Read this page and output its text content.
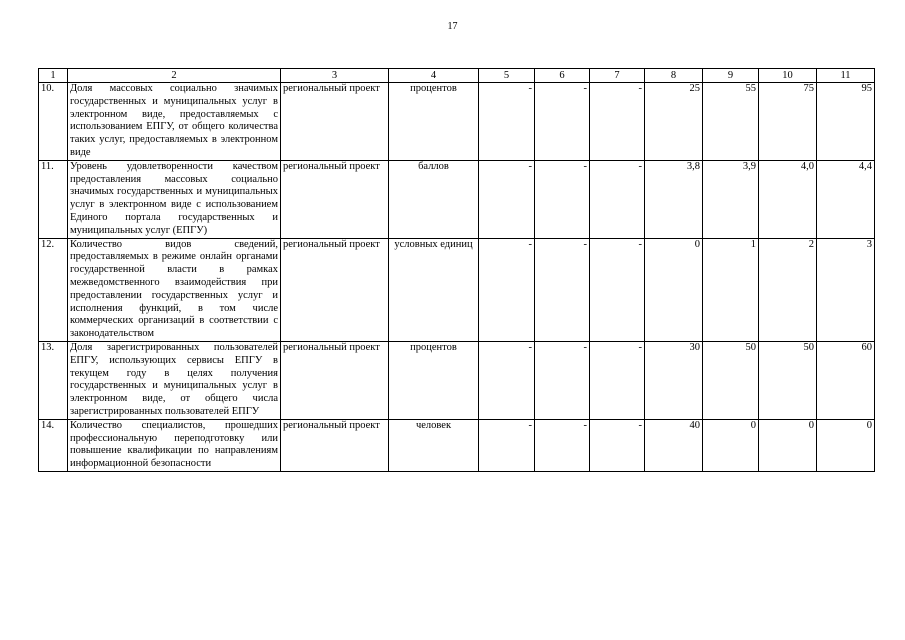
17
1	2	3	4	5	6	7	8	9	10	11
10.	Доля массовых социально значимых государственных и муниципальных услуг в электронном виде, предоставляемых с использованием ЕПГУ, от общего количества таких услуг, предоставляемых в электронном виде	региональный проект	процентов	-	-	-	25	55	75	95
11.	Уровень удовлетворенности качеством предоставления массовых социально значимых государственных и муниципальных услуг в электронном виде с использованием Единого портала государственных и муниципальных услуг (ЕПГУ)	региональный проект	баллов	-	-	-	3,8	3,9	4,0	4,4
12.	Количество видов сведений, предоставляемых в режиме онлайн органами государственной власти в рамках межведомственного взаимодействия при предоставлении государственных услуг и исполнения функций, в том числе коммерческих организаций в соответствии с законодательством	региональный проект	условных единиц	-	-	-	0	1	2	3
13.	Доля зарегистрированных пользователей ЕПГУ, использующих сервисы ЕПГУ в текущем году в целях получения государственных и муниципальных услуг в электронном виде, от общего числа зарегистрированных пользователей ЕПГУ	региональный проект	процентов	-	-	-	30	50	50	60
14.	Количество специалистов, прошедших профессиональную переподготовку или повышение квалификации по направлениям информационной безопасности	региональный проект	человек	-	-	-	40	0	0	0
